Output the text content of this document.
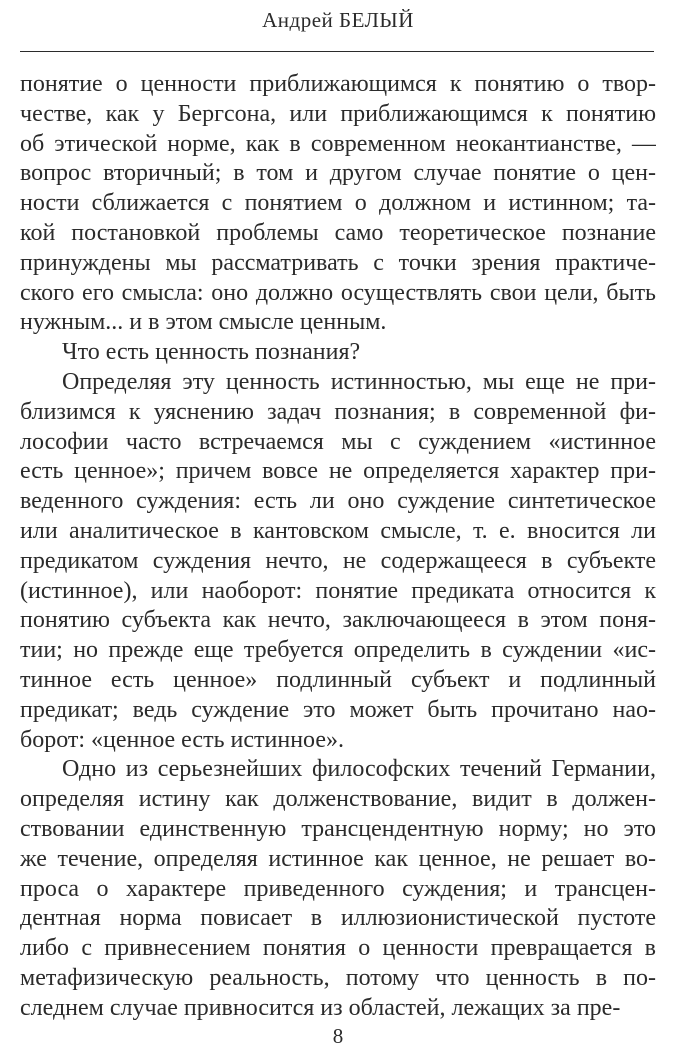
Андрей БЕЛЫЙ
понятие о ценности приближающимся к понятию о твор-
честве, как у Бергсона, или приближающимся к понятию
об этической норме, как в современном неокантианстве, —
вопрос вторичный; в том и другом случае понятие о цен-
ности сближается с понятием о должном и истинном; та-
кой постановкой проблемы само теоретическое познание
принуждены мы рассматривать с точки зрения практиче-
ского его смысла: оно должно осуществлять свои цели, быть
нужным... и в этом смысле ценным.
Что есть ценность познания?
Определяя эту ценность истинностью, мы еще не при-
близимся к уяснению задач познания; в современной фи-
лософии часто встречаемся мы с суждением «истинное
есть ценное»; причем вовсе не определяется характер при-
веденного суждения: есть ли оно суждение синтетическое
или аналитическое в кантовском смысле, т. е. вносится ли
предикатом суждения нечто, не содержащееся в субъекте
(истинное), или наоборот: понятие предиката относится к
понятию субъекта как нечто, заключающееся в этом поня-
тии; но прежде еще требуется определить в суждении «ис-
тинное есть ценное» подлинный субъект и подлинный
предикат; ведь суждение это может быть прочитано нао-
борот: «ценное есть истинное».
Одно из серьезнейших философских течений Германии,
определяя истину как долженствование, видит в должен-
ствовании единственную трансцендентную норму; но это
же течение, определяя истинное как ценное, не решает во-
проса о характере приведенного суждения; и трансцен-
дентная норма повисает в иллюзионистической пустоте
либо с привнесением понятия о ценности превращается в
метафизическую реальность, потому что ценность в по-
следнем случае привносится из областей, лежащих за пре-
8
